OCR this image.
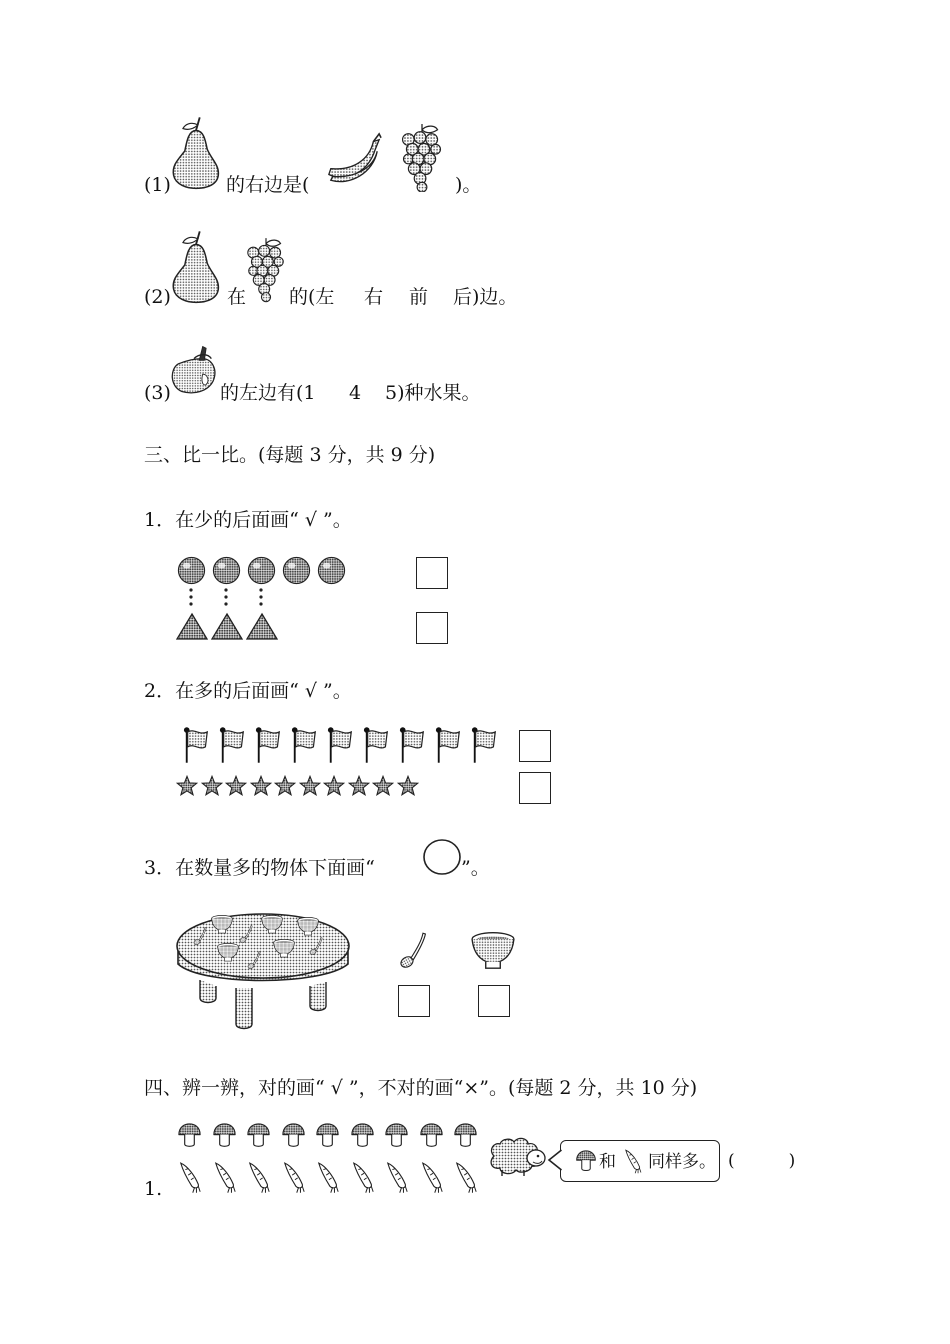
(1)	的右边是(	)。
(2)	在 的(左 右 前 后)边。
(3)	的左边有(1 4 5)种水果。
三、比一比。(每题 3 分，共 9 分)
1．在少的后面画“ √ ”。
2．在多的后面画“ √ ”。
3．在数量多的物体下面画“	”。
四、辨一辨，对的画“ √ ”，不对的画“×”。(每题 2 分，共 10 分)
1.
和 同样多。 (          )
